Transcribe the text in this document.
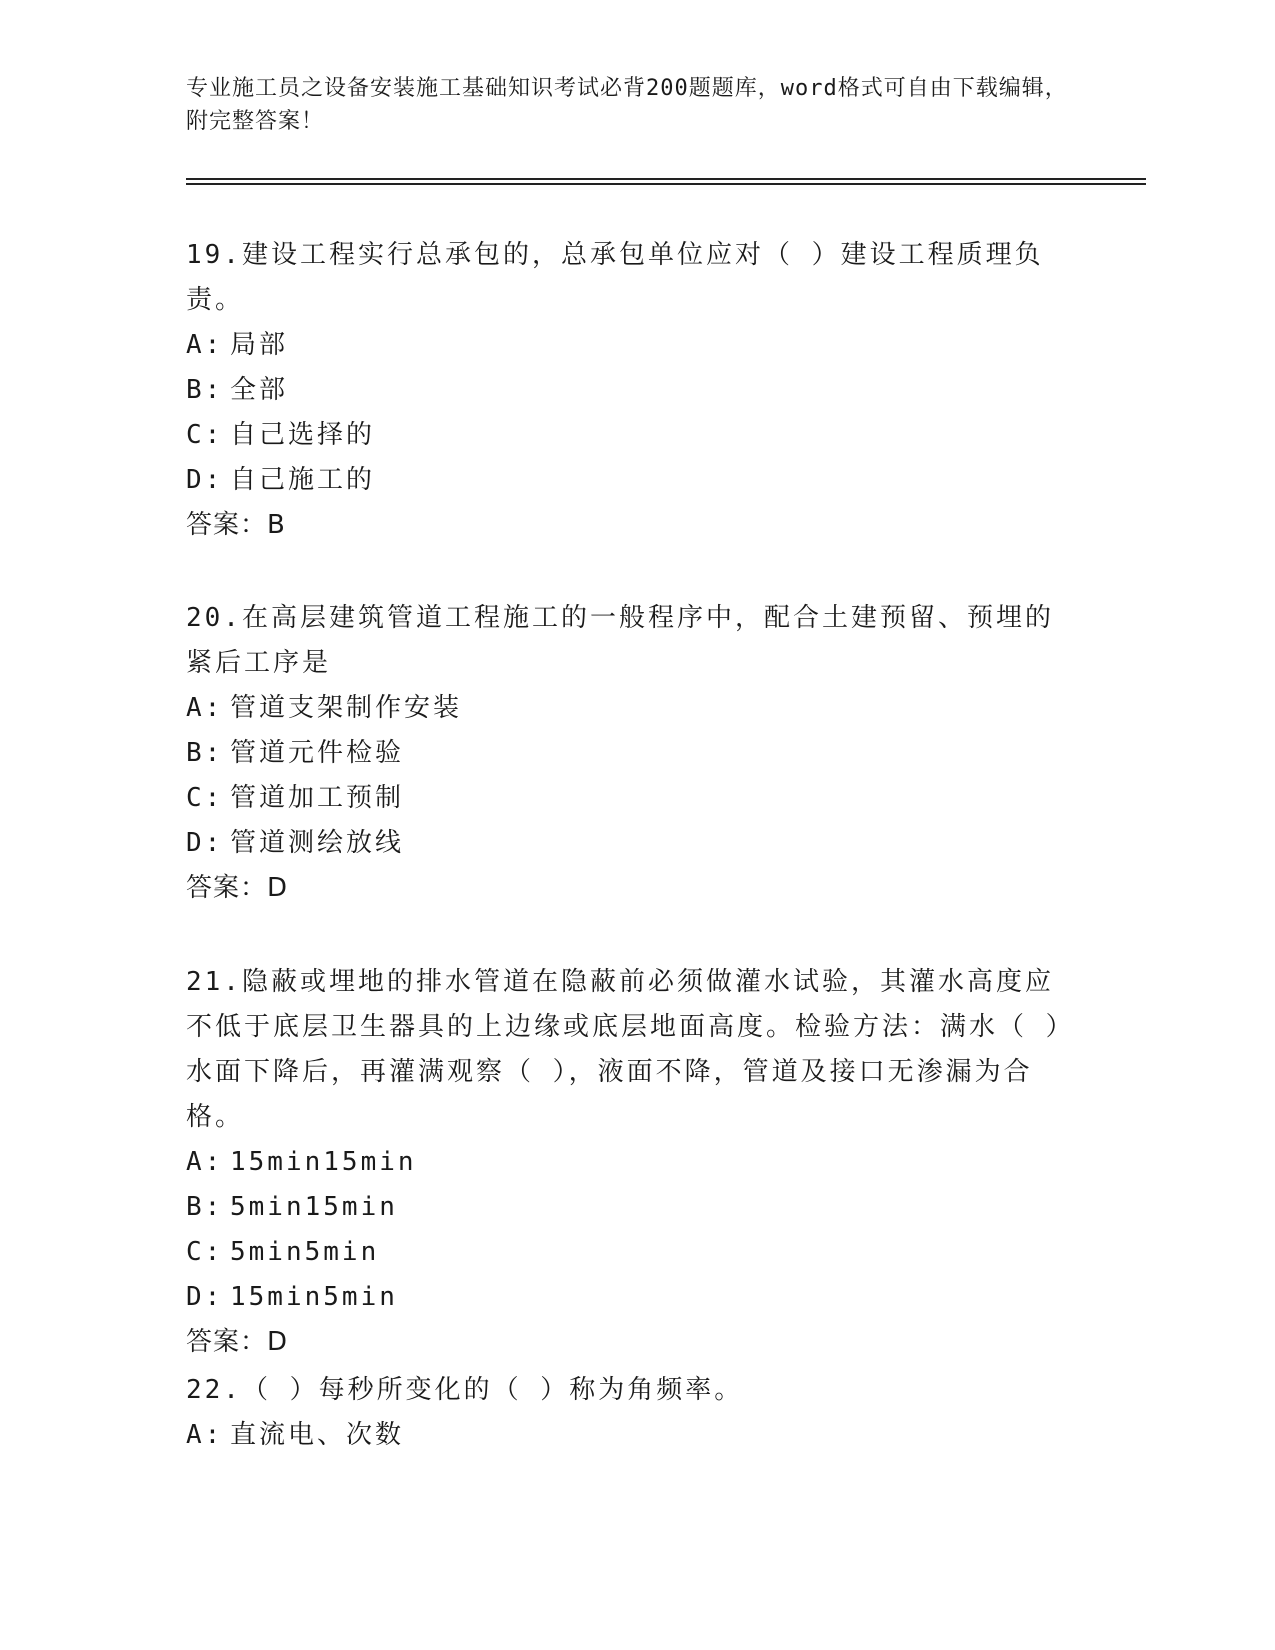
专业施工员之设备安装施工基础知识考试必背200题题库，word格式可自由下载编辑，附完整答案！
19.建设工程实行总承包的，总承包单位应对（ ）建设工程质理负责。
A: 局部
B: 全部
C: 自己选择的
D: 自己施工的
答案：B
20.在高层建筑管道工程施工的一般程序中，配合土建预留、预埋的紧后工序是
A: 管道支架制作安装
B: 管道元件检验
C: 管道加工预制
D: 管道测绘放线
答案：D
21.隐蔽或埋地的排水管道在隐蔽前必须做灌水试验，其灌水高度应不低于底层卫生器具的上边缘或底层地面高度。检验方法：满水（ ）水面下降后，再灌满观察（ ），液面不降，管道及接口无渗漏为合格。
A: 15min15min
B: 5min15min
C: 5min5min
D: 15min5min
答案：D
22.（ ）每秒所变化的（ ）称为角频率。
A: 直流电、次数
